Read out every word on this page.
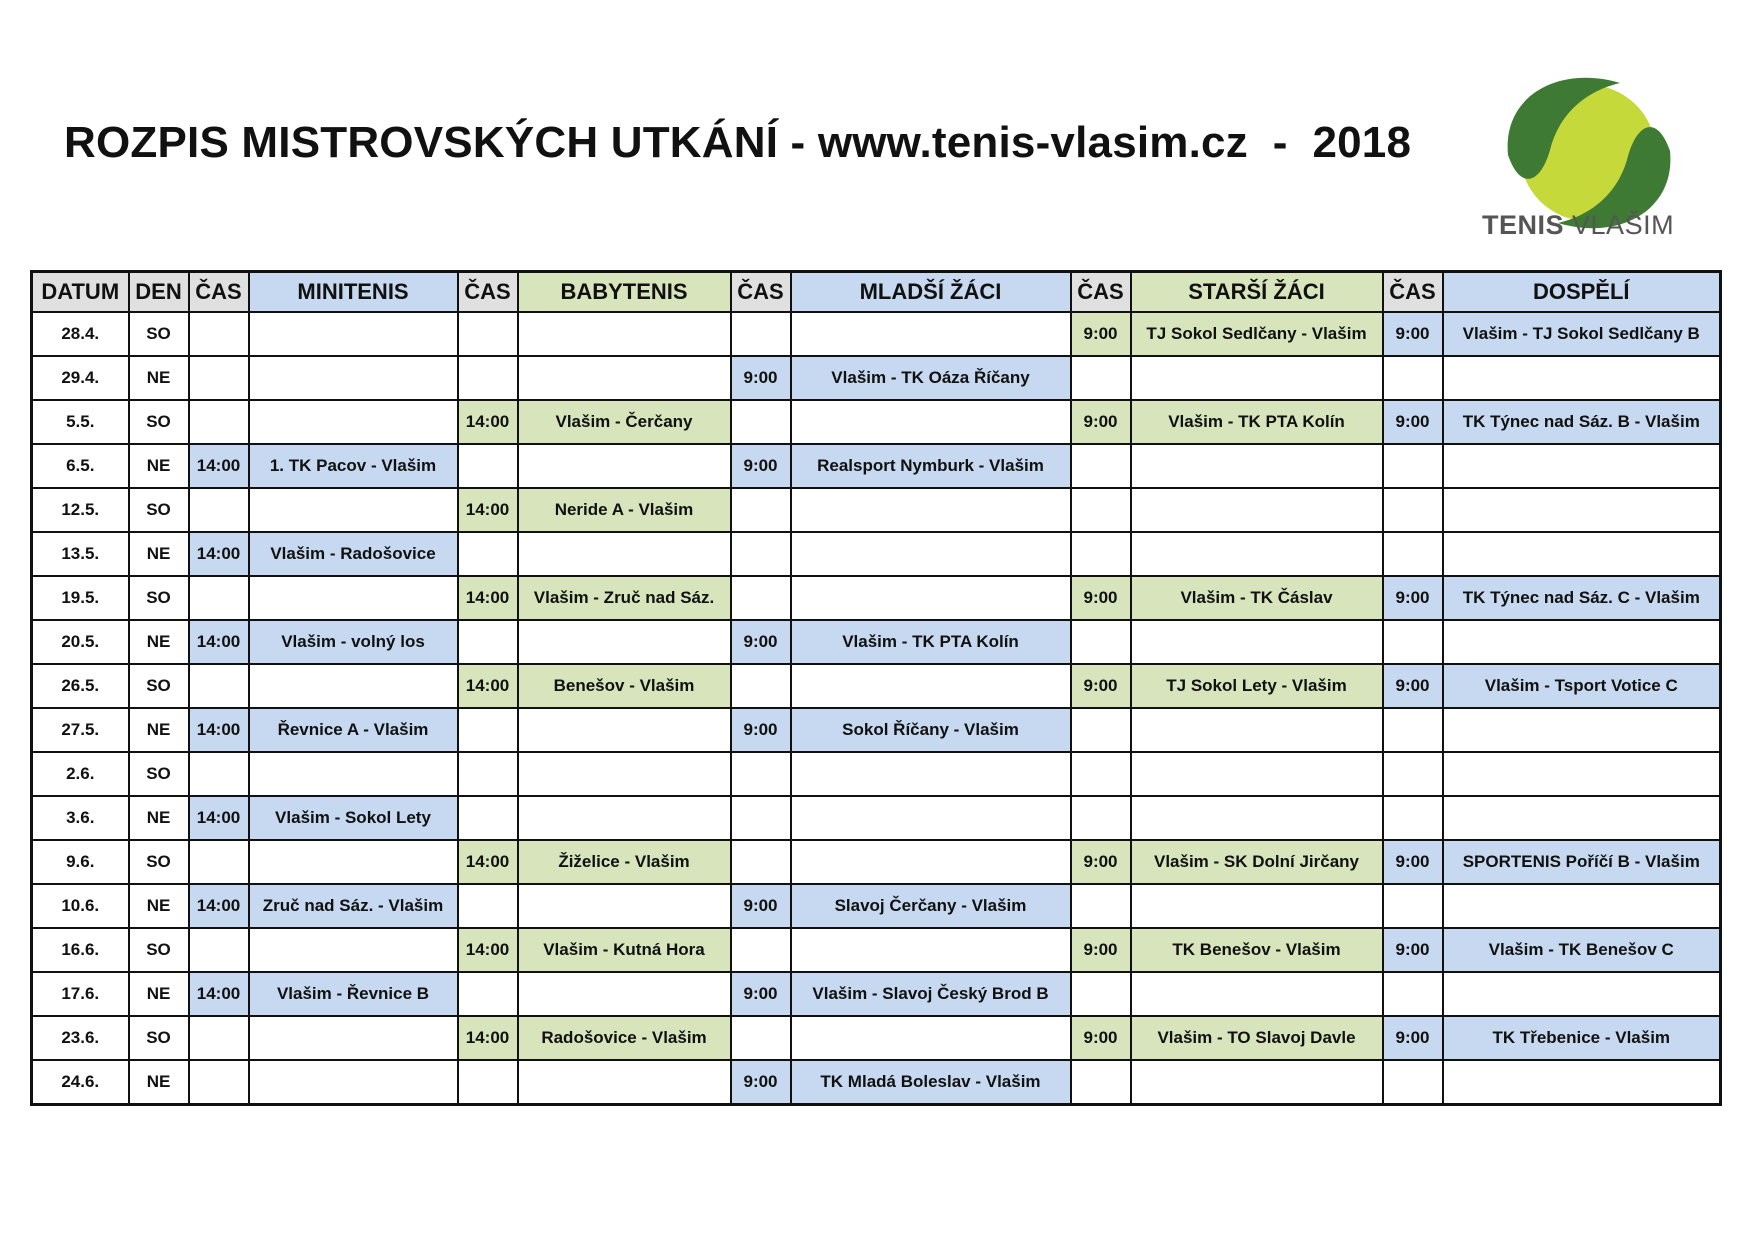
ROZPIS MISTROVSKÝCH UTKÁNÍ - www.tenis-vlasim.cz  -  2018
TENIS VLAŠIM
DATUM	DEN	ČAS	MINITENIS	ČAS	BABYTENIS	ČAS	MLADŠÍ ŽÁCI	ČAS	STARŠÍ ŽÁCI	ČAS	DOSPĚLÍ
28.4.	SO							9:00	TJ Sokol Sedlčany - Vlašim	9:00	Vlašim - TJ Sokol Sedlčany B
29.4.	NE					9:00	Vlašim - TK Oáza Říčany				
5.5.	SO			14:00	Vlašim - Čerčany			9:00	Vlašim - TK PTA Kolín	9:00	TK Týnec nad Sáz. B - Vlašim
6.5.	NE	14:00	1. TK Pacov - Vlašim			9:00	Realsport Nymburk - Vlašim				
12.5.	SO			14:00	Neride A - Vlašim						
13.5.	NE	14:00	Vlašim - Radošovice								
19.5.	SO			14:00	Vlašim - Zruč nad Sáz.			9:00	Vlašim - TK Čáslav	9:00	TK Týnec nad Sáz. C - Vlašim
20.5.	NE	14:00	Vlašim - volný los			9:00	Vlašim - TK PTA Kolín				
26.5.	SO			14:00	Benešov - Vlašim			9:00	TJ Sokol Lety - Vlašim	9:00	Vlašim - Tsport Votice C
27.5.	NE	14:00	Řevnice A - Vlašim			9:00	Sokol Říčany - Vlašim				
2.6.	SO										
3.6.	NE	14:00	Vlašim - Sokol Lety								
9.6.	SO			14:00	Žiželice - Vlašim			9:00	Vlašim - SK Dolní Jirčany	9:00	SPORTENIS Poříčí B - Vlašim
10.6.	NE	14:00	Zruč nad Sáz. - Vlašim			9:00	Slavoj Čerčany - Vlašim				
16.6.	SO			14:00	Vlašim - Kutná Hora			9:00	TK Benešov - Vlašim	9:00	Vlašim - TK Benešov C
17.6.	NE	14:00	Vlašim - Řevnice B			9:00	Vlašim - Slavoj Český Brod B				
23.6.	SO			14:00	Radošovice - Vlašim			9:00	Vlašim - TO Slavoj Davle	9:00	TK Třebenice - Vlašim
24.6.	NE					9:00	TK Mladá Boleslav - Vlašim				
